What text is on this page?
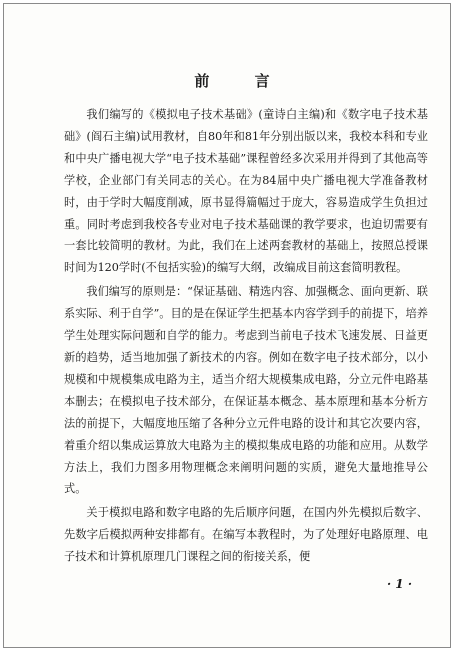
前 言

我们编写的《模拟电子技术基础》(童诗白主编)和《数字电子技术基础》(阎石主编)试用教材，自80年和81年分别出版以来，我校本科和专业和中央广播电视大学“电子技术基础”课程曾经多次采用并得到了其他高等学校，企业部门有关同志的关心。在为84届中央广播电视大学准备教材时，由于学时大幅度削减，原书显得篇幅过于庞大，容易造成学生负担过重。同时考虑到我校各专业对电子技术基础课的教学要求，也迫切需要有一套比较简明的教材。为此，我们在上述两套教材的基础上，按照总授课时间为120学时(不包括实验)的编写大纲，改编成目前这套简明教程。

我们编写的原则是：“保证基础、精选内容、加强概念、面向更新、联系实际、利于自学”。目的是在保证学生把基本内容学到手的前提下，培养学生处理实际问题和自学的能力。考虑到当前电子技术飞速发展、日益更新的趋势，适当地加强了新技术的内容。例如在数字电子技术部分，以小规模和中规模集成电路为主，适当介绍大规模集成电路，分立元件电路基本删去；在模拟电子技术部分，在保证基本概念、基本原理和基本分析方法的前提下，大幅度地压缩了各种分立元件电路的设计和其它次要内容，着重介绍以集成运算放大电路为主的模拟集成电路的功能和应用。从数学方法上，我们力图多用物理概念来阐明问题的实质，避免大量地推导公式。

关于模拟电路和数字电路的先后顺序问题，在国内外先模拟后数字、先数字后模拟两种安排都有。在编写本教程时，为了处理好电路原理、电子技术和计算机原理几门课程之间的衔接关系，便

· 1 ·
